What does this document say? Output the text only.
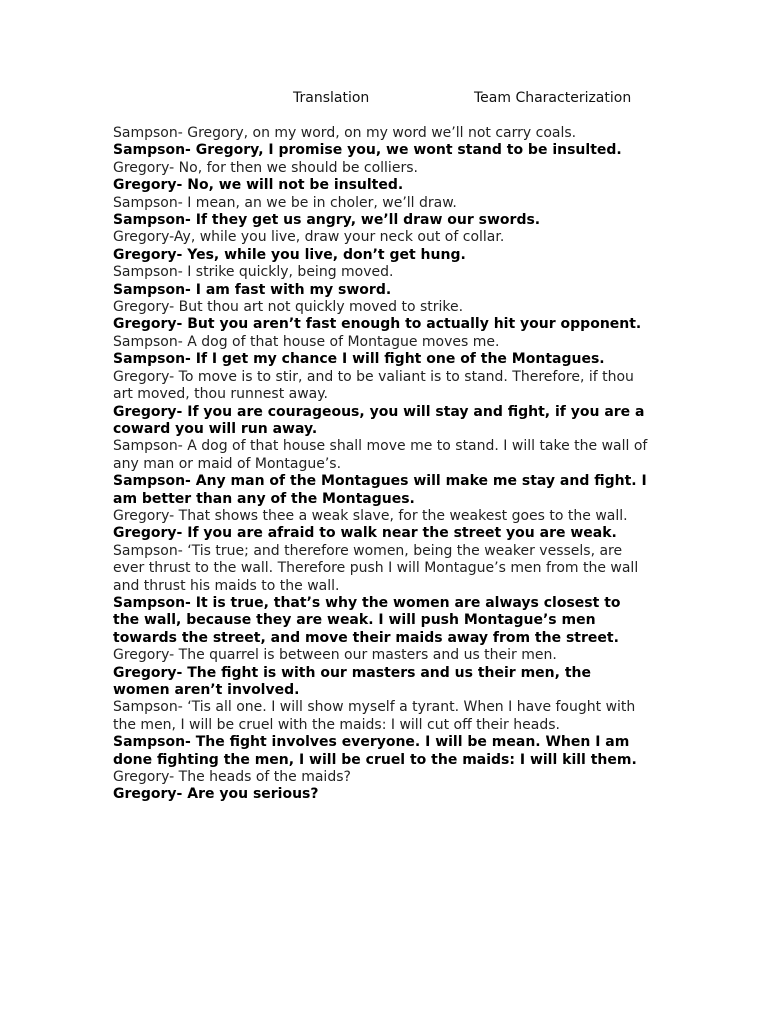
Translation	Team Characterization

Sampson- Gregory, on my word, on my word we’ll not carry coals.

Sampson- Gregory, I promise you, we wont stand to be insulted.

Gregory- No, for then we should be colliers.

Gregory- No, we will not be insulted.

Sampson- I mean, an we be in choler, we’ll draw.

Sampson- If they get us angry, we’ll draw our swords.

Gregory-Ay, while you live, draw your neck out of collar.

Gregory- Yes, while you live, don’t get hung.

Sampson- I strike quickly, being moved.

Sampson- I am fast with my sword.

Gregory- But thou art not quickly moved to strike.

Gregory- But you aren’t fast enough to actually hit your opponent.

Sampson- A dog of that house of Montague moves me.

Sampson- If I get my chance I will fight one of the Montagues.

Gregory- To move is to stir, and to be valiant is to stand. Therefore, if thou art moved, thou runnest away.

Gregory- If you are courageous, you will stay and fight, if you are a coward you will run away.

Sampson- A dog of that house shall move me to stand. I will take the wall of any man or maid of Montague’s.

Sampson- Any man of the Montagues will make me stay and fight. I am better than any of the Montagues.

Gregory- That shows thee a weak slave, for the weakest goes to the wall.

Gregory- If you are afraid to walk near the street you are weak.

Sampson- ‘Tis true; and therefore women, being the weaker vessels, are ever thrust to the wall. Therefore push I will Montague’s men from the wall and thrust his maids to the wall.

Sampson- It is true, that’s why the women are always closest to the wall, because they are weak. I will push Montague’s men towards the street, and move their maids away from the street.

Gregory- The quarrel is between our masters and us their men.

Gregory- The fight is with our masters and us their men, the women aren’t involved.

Sampson- ‘Tis all one. I will show myself a tyrant. When I have fought with the men, I will be cruel with the maids: I will cut off their heads.

Sampson- The fight involves everyone. I will be mean. When I am done fighting the men, I will be cruel to the maids: I will kill them.

Gregory- The heads of the maids?

Gregory- Are you serious?
